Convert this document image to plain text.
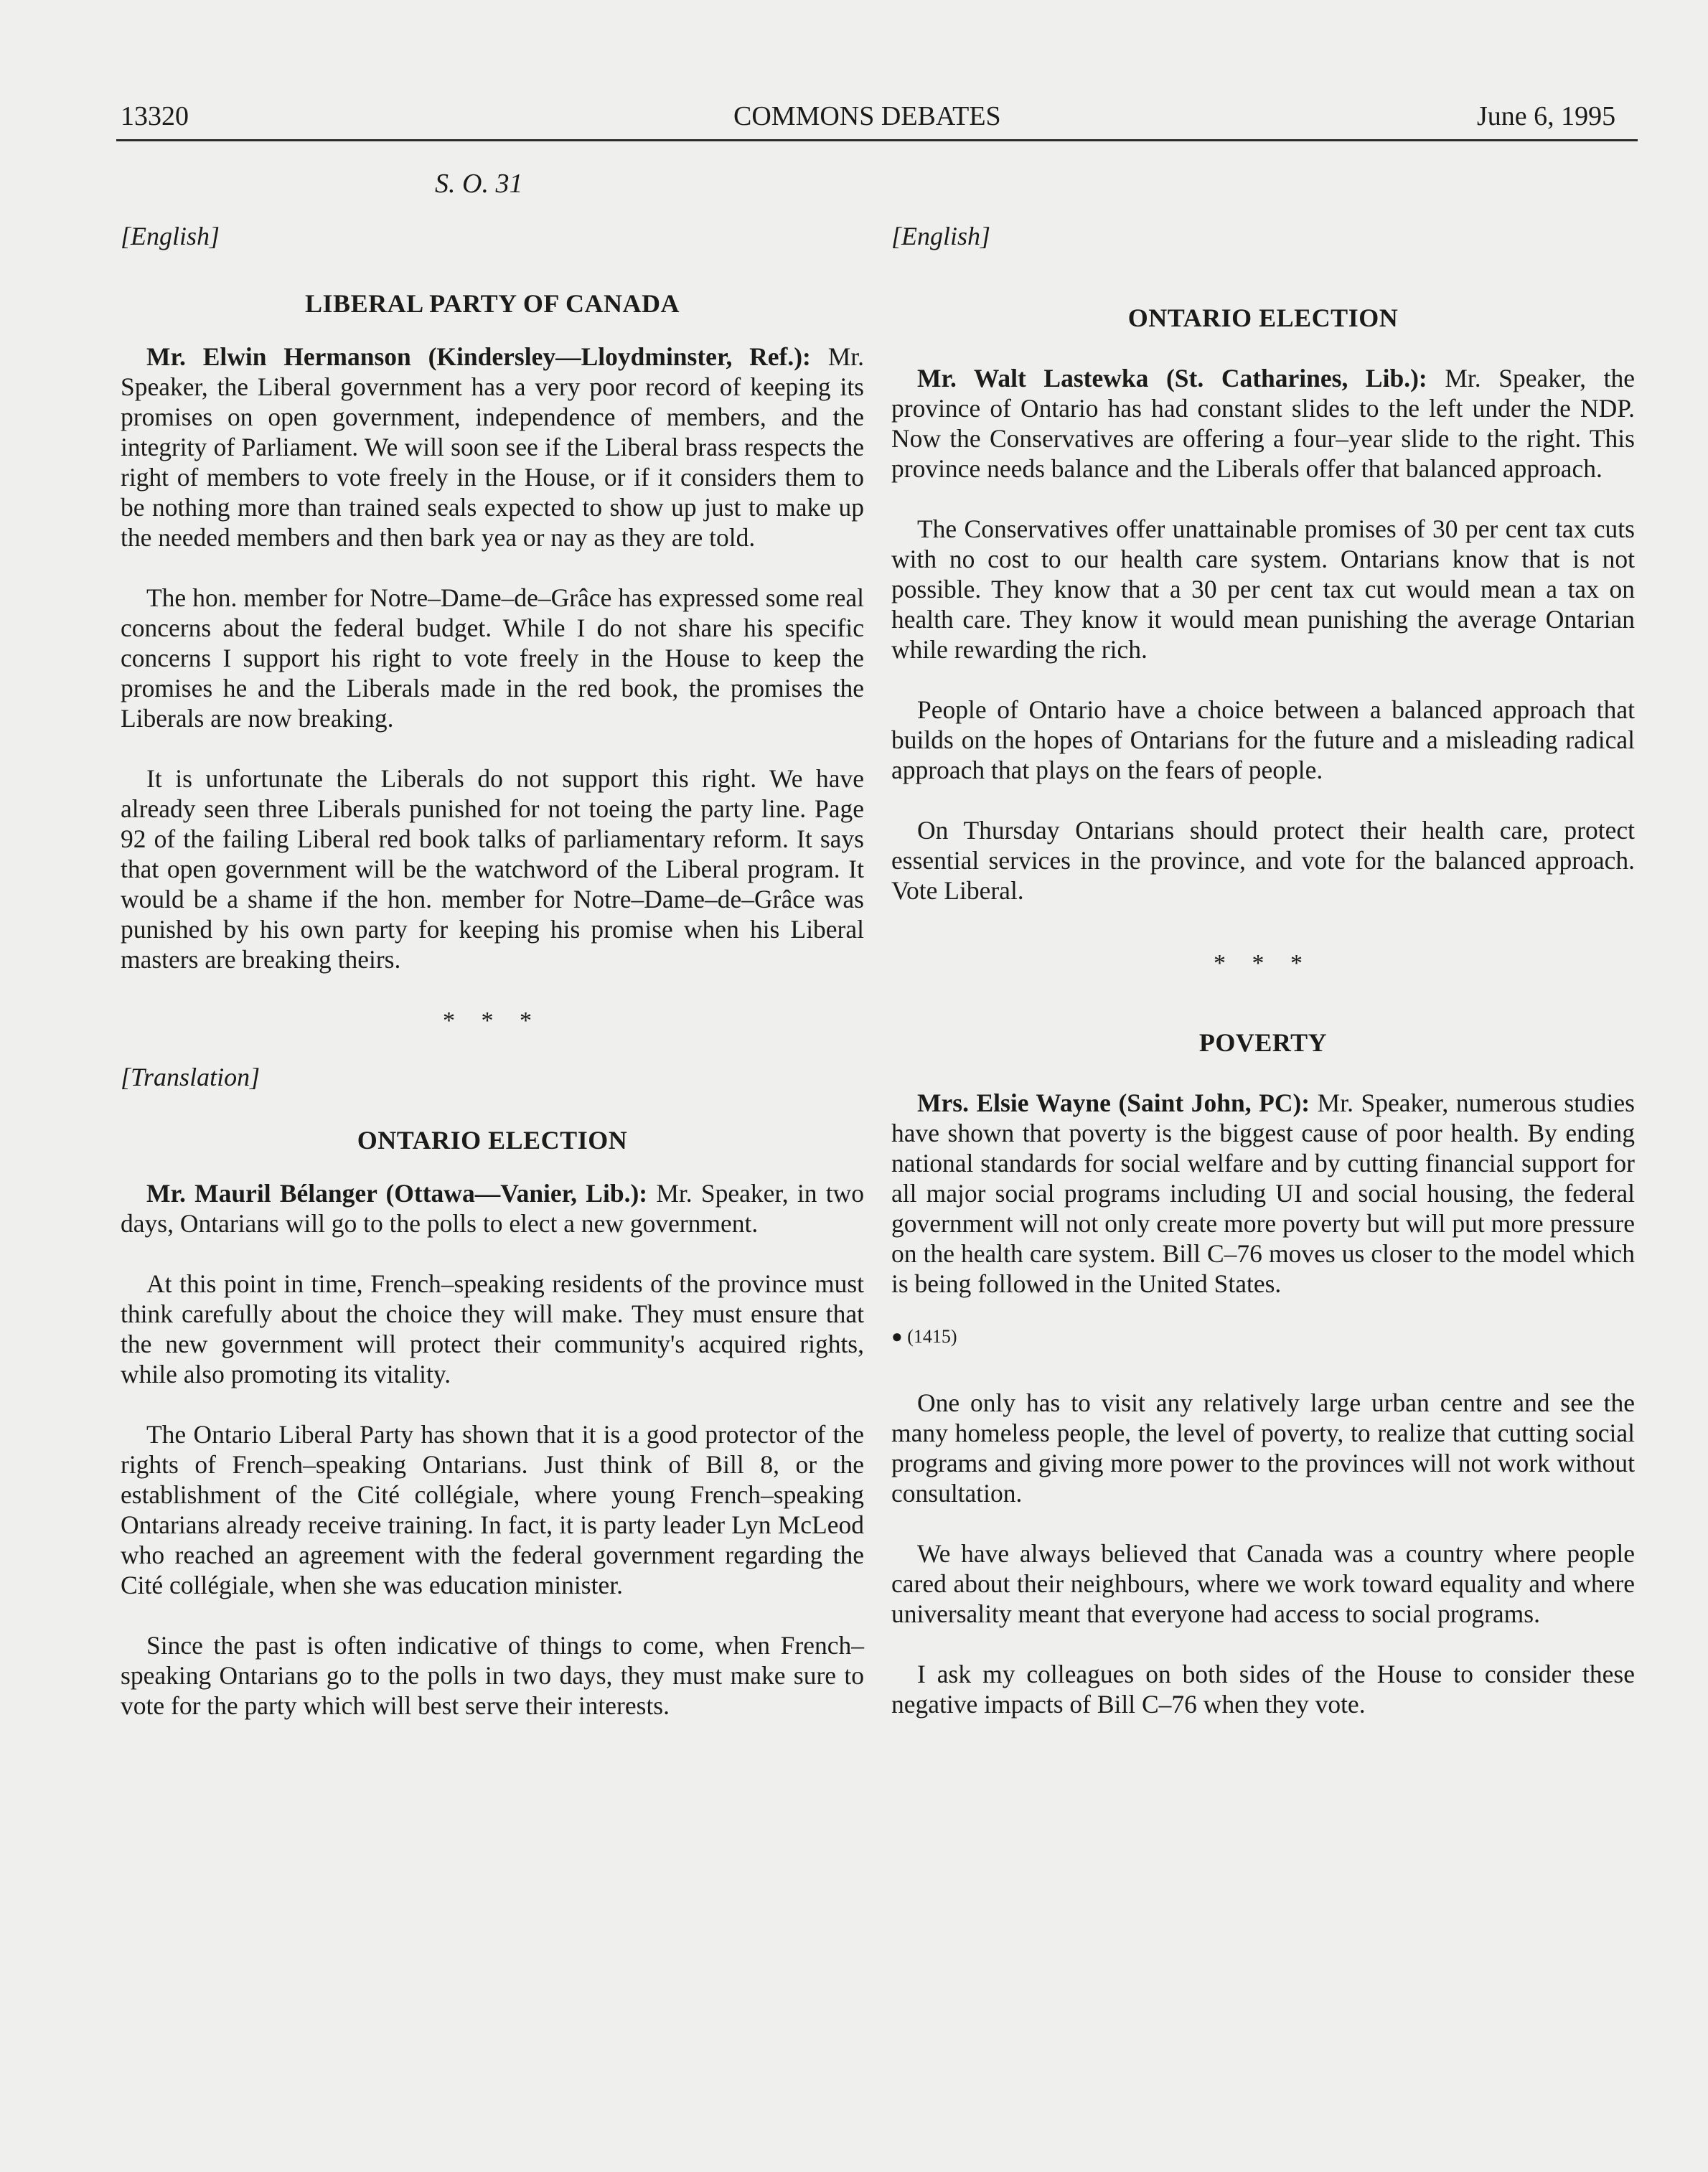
13320	COMMONS DEBATES	June 6, 1995
S. O. 31
[English]
LIBERAL PARTY OF CANADA
Mr. Elwin Hermanson (Kindersley—Lloydminster, Ref.): Mr. Speaker, the Liberal government has a very poor record of keeping its promises on open government, independence of members, and the integrity of Parliament. We will soon see if the Liberal brass respects the right of members to vote freely in the House, or if it considers them to be nothing more than trained seals expected to show up just to make up the needed members and then bark yea or nay as they are told.
The hon. member for Notre–Dame–de–Grâce has expressed some real concerns about the federal budget. While I do not share his specific concerns I support his right to vote freely in the House to keep the promises he and the Liberals made in the red book, the promises the Liberals are now breaking.
It is unfortunate the Liberals do not support this right. We have already seen three Liberals punished for not toeing the party line. Page 92 of the failing Liberal red book talks of parliamentary reform. It says that open government will be the watchword of the Liberal program. It would be a shame if the hon. member for Notre–Dame–de–Grâce was punished by his own party for keeping his promise when his Liberal masters are breaking theirs.
* * *
[Translation]
ONTARIO ELECTION
Mr. Mauril Bélanger (Ottawa—Vanier, Lib.): Mr. Speaker, in two days, Ontarians will go to the polls to elect a new government.
At this point in time, French–speaking residents of the province must think carefully about the choice they will make. They must ensure that the new government will protect their community's acquired rights, while also promoting its vitality.
The Ontario Liberal Party has shown that it is a good protector of the rights of French–speaking Ontarians. Just think of Bill 8, or the establishment of the Cité collégiale, where young French–speaking Ontarians already receive training. In fact, it is party leader Lyn McLeod who reached an agreement with the federal government regarding the Cité collégiale, when she was education minister.
Since the past is often indicative of things to come, when French–speaking Ontarians go to the polls in two days, they must make sure to vote for the party which will best serve their interests.
[English]
ONTARIO ELECTION
Mr. Walt Lastewka (St. Catharines, Lib.): Mr. Speaker, the province of Ontario has had constant slides to the left under the NDP. Now the Conservatives are offering a four–year slide to the right. This province needs balance and the Liberals offer that balanced approach.
The Conservatives offer unattainable promises of 30 per cent tax cuts with no cost to our health care system. Ontarians know that is not possible. They know that a 30 per cent tax cut would mean a tax on health care. They know it would mean punishing the average Ontarian while rewarding the rich.
People of Ontario have a choice between a balanced approach that builds on the hopes of Ontarians for the future and a misleading radical approach that plays on the fears of people.
On Thursday Ontarians should protect their health care, protect essential services in the province, and vote for the balanced approach. Vote Liberal.
* * *
POVERTY
Mrs. Elsie Wayne (Saint John, PC): Mr. Speaker, numerous studies have shown that poverty is the biggest cause of poor health. By ending national standards for social welfare and by cutting financial support for all major social programs including UI and social housing, the federal government will not only create more poverty but will put more pressure on the health care system. Bill C–76 moves us closer to the model which is being followed in the United States.
● (1415)
One only has to visit any relatively large urban centre and see the many homeless people, the level of poverty, to realize that cutting social programs and giving more power to the provinces will not work without consultation.
We have always believed that Canada was a country where people cared about their neighbours, where we work toward equality and where universality meant that everyone had access to social programs.
I ask my colleagues on both sides of the House to consider these negative impacts of Bill C–76 when they vote.
